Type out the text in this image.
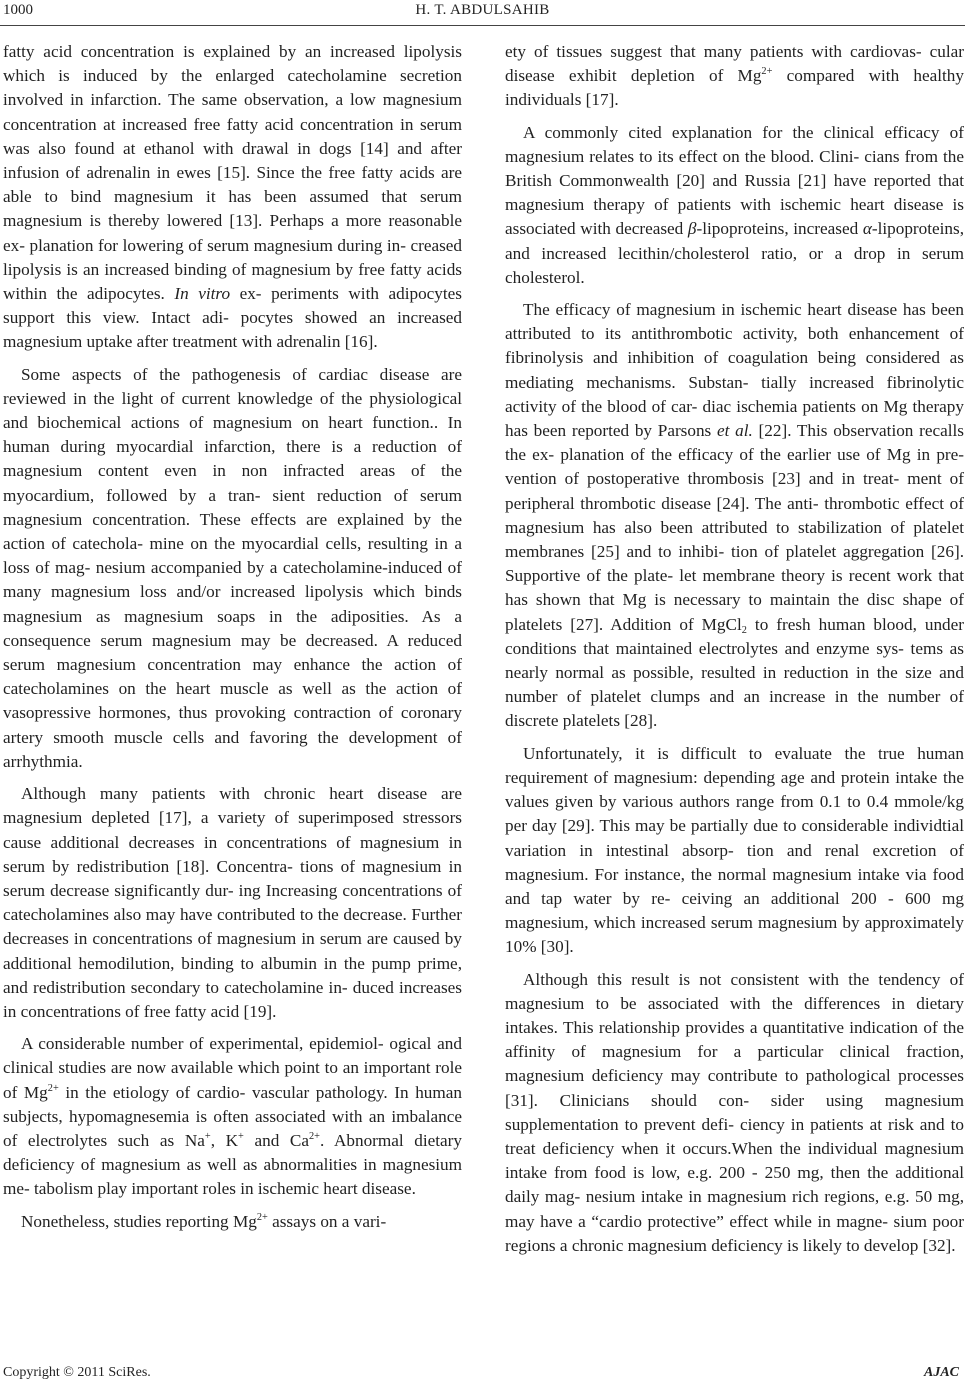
1000	H. T. ABDULSAHIB

fatty acid concentration is explained by an increased lipolysis which is induced by the enlarged catecholamine secretion involved in infarction. The same observation, a low magnesium concentration at increased free fatty acid concentration in serum was also found at ethanol with drawal in dogs [14] and after infusion of adrenalin in ewes [15]. Since the free fatty acids are able to bind magnesium it has been assumed that serum magnesium is thereby lowered [13]. Perhaps a more reasonable ex- planation for lowering of serum magnesium during in- creased lipolysis is an increased binding of magnesium by free fatty acids within the adipocytes. In vitro ex- periments with adipocytes support this view. Intact adi- pocytes showed an increased magnesium uptake after treatment with adrenalin [16].

Some aspects of the pathogenesis of cardiac disease are reviewed in the light of current knowledge of the physiological and biochemical actions of magnesium on heart function.. In human during myocardial infarction, there is a reduction of magnesium content even in non infracted areas of the myocardium, followed by a tran- sient reduction of serum magnesium concentration. These effects are explained by the action of catechola- mine on the myocardial cells, resulting in a loss of mag- nesium accompanied by a catecholamine-induced of many magnesium loss and/or increased lipolysis which binds magnesium as magnesium soaps in the adiposities. As a consequence serum magnesium may be decreased. A reduced serum magnesium concentration may enhance the action of catecholamines on the heart muscle as well as the action of vasopressive hormones, thus provoking contraction of coronary artery smooth muscle cells and favoring the development of arrhythmia.

Although many patients with chronic heart disease are magnesium depleted [17], a variety of superimposed stressors cause additional decreases in concentrations of magnesium in serum by redistribution [18]. Concentra- tions of magnesium in serum decrease significantly dur- ing Increasing concentrations of catecholamines also may have contributed to the decrease. Further decreases in concentrations of magnesium in serum are caused by additional hemodilution, binding to albumin in the pump prime, and redistribution secondary to catecholamine in- duced increases in concentrations of free fatty acid [19].

A considerable number of experimental, epidemiol- ogical and clinical studies are now available which point to an important role of $Mg^{2+}$ in the etiology of cardio- vascular pathology. In human subjects, hypomagnesemia is often associated with an imbalance of electrolytes such as Na+, K+ and $Ca^{2+}$. Abnormal dietary deficiency of magnesium as well as abnormalities in magnesium me- tabolism play important roles in ischemic heart disease.

Nonetheless, studies reporting $Mg^{2+}$ assays on a vari-

ety of tissues suggest that many patients with cardiovas- cular disease exhibit depletion of $Mg^{2+}$ compared with healthy individuals [17].

A commonly cited explanation for the clinical efficacy of magnesium relates to its effect on the blood. Clini- cians from the British Commonwealth [20] and Russia [21] have reported that magnesium therapy of patients with ischemic heart disease is associated with decreased β-lipoproteins, increased α-lipoproteins, and increased lecithin/cholesterol ratio, or a drop in serum cholesterol.

The efficacy of magnesium in ischemic heart disease has been attributed to its antithrombotic activity, both enhancement of fibrinolysis and inhibition of coagulation being considered as mediating mechanisms. Substan- tially increased fibrinolytic activity of the blood of car- diac ischemia patients on Mg therapy has been reported by Parsons et al. [22]. This observation recalls the ex- planation of the efficacy of the earlier use of Mg in pre- vention of postoperative thrombosis [23] and in treat- ment of peripheral thrombotic disease [24]. The anti- thrombotic effect of magnesium has also been attributed to stabilization of platelet membranes [25] and to inhibi- tion of platelet aggregation [26]. Supportive of the plate- let membrane theory is recent work that has shown that Mg is necessary to maintain the disc shape of platelets [27]. Addition of MgCl$_2$ to fresh human blood, under conditions that maintained electrolytes and enzyme sys- tems as nearly normal as possible, resulted in reduction in the size and number of platelet clumps and an increase in the number of discrete platelets [28].

Unfortunately, it is difficult to evaluate the true human requirement of magnesium: depending age and protein intake the values given by various authors range from 0.1 to 0.4 mmole/kg per day [29]. This may be partially due to considerable individtial variation in intestinal absorp- tion and renal excretion of magnesium. For instance, the normal magnesium intake via food and tap water by re- ceiving an additional 200 - 600 mg magnesium, which increased serum magnesium by approximately 10% [30].

Although this result is not consistent with the tendency of magnesium to be associated with the differences in dietary intakes. This relationship provides a quantitative indication of the affinity of magnesium for a particular clinical fraction, magnesium deficiency may contribute to pathological processes [31]. Clinicians should con- sider using magnesium supplementation to prevent defi- ciency in patients at risk and to treat deficiency when it occurs.When the individual magnesium intake from food is low, e.g. 200 - 250 mg, then the additional daily mag- nesium intake in magnesium rich regions, e.g. 50 mg, may have a “cardio protective” effect while in magne- sium poor regions a chronic magnesium deficiency is likely to develop [32].

Copyright © 2011 SciRes.	AJAC
